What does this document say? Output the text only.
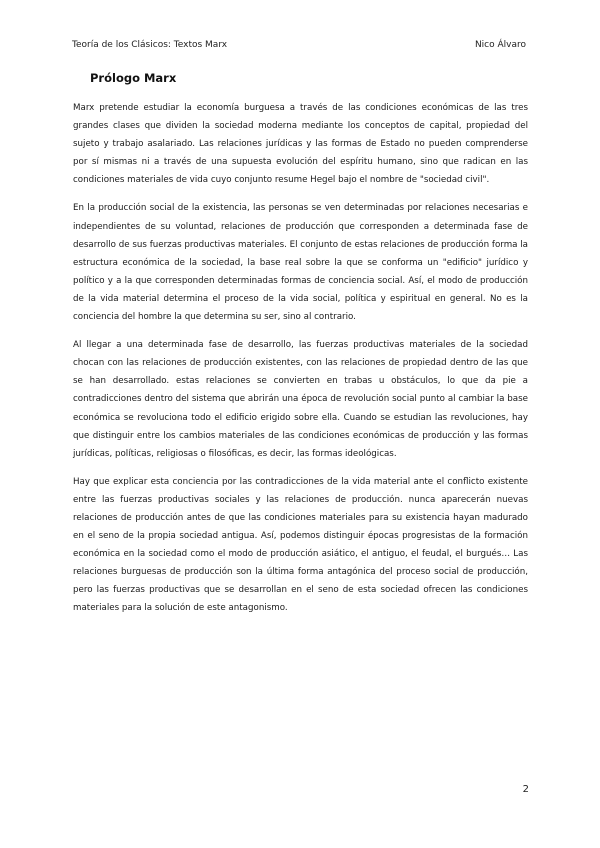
Teoría de los Clásicos: Textos Marx	Nico Álvaro
Prólogo Marx

Marx pretende estudiar la economía burguesa a través de las condiciones económicas de las tres grandes clases que dividen la sociedad moderna mediante los conceptos de capital, propiedad del sujeto y trabajo asalariado. Las relaciones jurídicas y las formas de Estado no pueden comprenderse por sí mismas ni a través de una supuesta evolución del espíritu humano, sino que radican en las condiciones materiales de vida cuyo conjunto resume Hegel bajo el nombre de "sociedad civil".

En la producción social de la existencia, las personas se ven determinadas por relaciones necesarias e independientes de su voluntad, relaciones de producción que corresponden a determinada fase de desarrollo de sus fuerzas productivas materiales. El conjunto de estas relaciones de producción forma la estructura económica de la sociedad, la base real sobre la que se conforma un "edificio" jurídico y político y a la que corresponden determinadas formas de conciencia social. Así, el modo de producción de la vida material determina el proceso de la vida social, política y espiritual en general. No es la conciencia del hombre la que determina su ser, sino al contrario.

Al llegar a una determinada fase de desarrollo, las fuerzas productivas materiales de la sociedad chocan con las relaciones de producción existentes, con las relaciones de propiedad dentro de las que se han desarrollado. estas relaciones se convierten en trabas u obstáculos, lo que da pie a contradicciones dentro del sistema que abrirán una época de revolución social punto al cambiar la base económica se revoluciona todo el edificio erigido sobre ella. Cuando se estudian las revoluciones, hay que distinguir entre los cambios materiales de las condiciones económicas de producción y las formas jurídicas, políticas, religiosas o filosóficas, es decir, las formas ideológicas.

Hay que explicar esta conciencia por las contradicciones de la vida material ante el conflicto existente entre las fuerzas productivas sociales y las relaciones de producción. nunca aparecerán nuevas relaciones de producción antes de que las condiciones materiales para su existencia hayan madurado en el seno de la propia sociedad antigua. Así, podemos distinguir épocas progresistas de la formación económica en la sociedad como el modo de producción asiático, el antiguo, el feudal, el burgués… Las relaciones burguesas de producción son la última forma antagónica del proceso social de producción, pero las fuerzas productivas que se desarrollan en el seno de esta sociedad ofrecen las condiciones materiales para la solución de este antagonismo.

2
